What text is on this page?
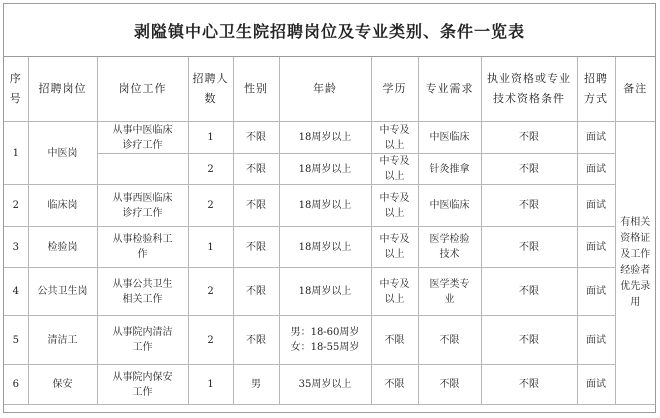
剥隘镇中心卫生院招聘岗位及专业类别、条件一览表
序号	招聘岗位	岗位工作	招聘人数	性别	年龄	学历	专业需求	执业资格或专业技术资格条件	招聘方式	备注
1	中医岗	从事中医临床诊疗工作	1	不限	18周岁以上	中专及以上	中医临床	不限	面试	有相关资格证及工作经验者优先录用
			2	不限	18周岁以上	中专及以上	针灸推拿	不限	面试	
2	临床岗	从事西医临床诊疗工作	2	不限	18周岁以上	中专及以上	中医临床	不限	面试	
3	检验岗	从事检验科工作	1	不限	18周岁以上	中专及以上	医学检验技术	不限	面试	
4	公共卫生岗	从事公共卫生相关工作	2	不限	18周岁以上	中专及以上	医学类专业	不限	面试	
5	清洁工	从事院内清洁工作	2	不限	男：18-60周岁 女：18-55周岁	不限	不限	不限	面试	
6	保安	从事院内保安工作	1	男	35周岁以上	不限	不限	不限	面试	
